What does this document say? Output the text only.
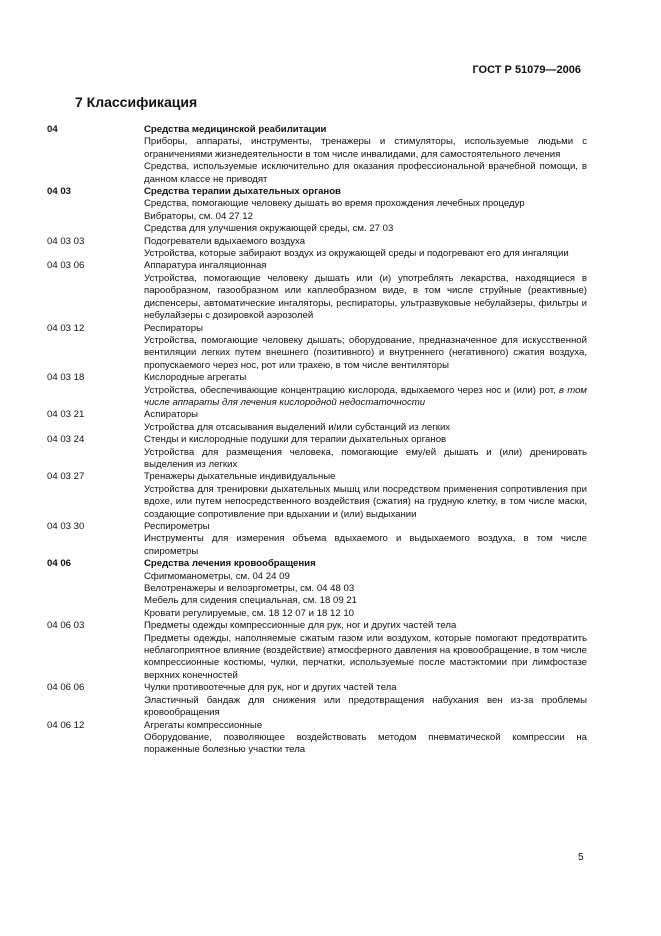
ГОСТ Р 51079—2006
7 Классификация
04	Средства медицинской реабилитации

Приборы, аппараты, инструменты, тренажеры и стимуляторы, используемые людьми с ограничениями жизнедеятельности в том числе инвалидами, для самостоятельного лечения

Средства, используемые исключительно для оказания профессиональной врачебной помощи, в данном классе не приводят

04 03	Средства терапии дыхательных органов

Средства, помогающие человеку дышать во время прохождения лечебных процедур

Вибраторы, см. 04 27 12

Средства для улучшения окружающей среды, см. 27 03

04 03 03	Подогреватели вдыхаемого воздуха

Устройства, которые забирают воздух из окружающей среды и подогревают его для ингаляции

04 03 06	Аппаратура ингаляционная

Устройства, помогающие человеку дышать или (и) употреблять лекарства, находящиеся в парообразном, газообразном или каплеобразном виде, в том числе струйные (реактивные) диспенсеры, автоматические ингаляторы, респираторы, ультразвуковые небулайзеры, фильтры и небулайзеры с дозировкой аэрозолей

04 03 12	Респираторы

Устройства, помогающие человеку дышать; оборудование, предназначенное для искусственной вентиляции легких путем внешнего (позитивного) и внутреннего (негативного) сжатия воздуха, пропускаемого через нос, рот или трахею, в том числе вентиляторы

04 03 18	Кислородные агрегаты

Устройства, обеспечивающие концентрацию кислорода, вдыхаемого через нос и (или) рот, в том числе аппараты для лечения кислородной недостаточности

04 03 21	Аспираторы

Устройства для отсасывания выделений и/или субстанций из легких

04 03 24	Стенды и кислородные подушки для терапии дыхательных органов

Устройства для размещения человека, помогающие ему/ей дышать и (или) дренировать выделения из легких

04 03 27	Тренажеры дыхательные индивидуальные

Устройства для тренировки дыхательных мышц или посредством применения сопротивления при вдохе, или путем непосредственного воздействия (сжатия) на грудную клетку, в том числе маски, создающие сопротивление при вдыхании и (или) выдыхании

04 03 30	Респирометры

Инструменты для измерения объема вдыхаемого и выдыхаемого воздуха, в том числе спирометры

04 06	Средства лечения кровообращения

Сфигмоманометры, см. 04 24 09

Велотренажеры и велоэргометры, см. 04 48 03

Мебель для сидения специальная, см. 18 09 21

Кровати регулируемые, см. 18 12 07 и 18 12 10

04 06 03	Предметы одежды компрессионные для рук, ног и других частей тела

Предметы одежды, наполняемые сжатым газом или воздухом, которые помогают предотвратить неблагоприятное влияние (воздействие) атмосферного давления на кровообращение, в том числе компрессионные костюмы, чулки, перчатки, используемые после мастэктомии при лимфостазе верхних конечностей

04 06 06	Чулки противоотечные для рук, ног и других частей тела

Эластичный бандаж для снижения или предотвращения набухания вен из-за проблемы кровообращения

04 06 12	Агрегаты компрессионные

Оборудование, позволяющее воздействовать методом пневматической компрессии на пораженные болезнью участки тела

5
